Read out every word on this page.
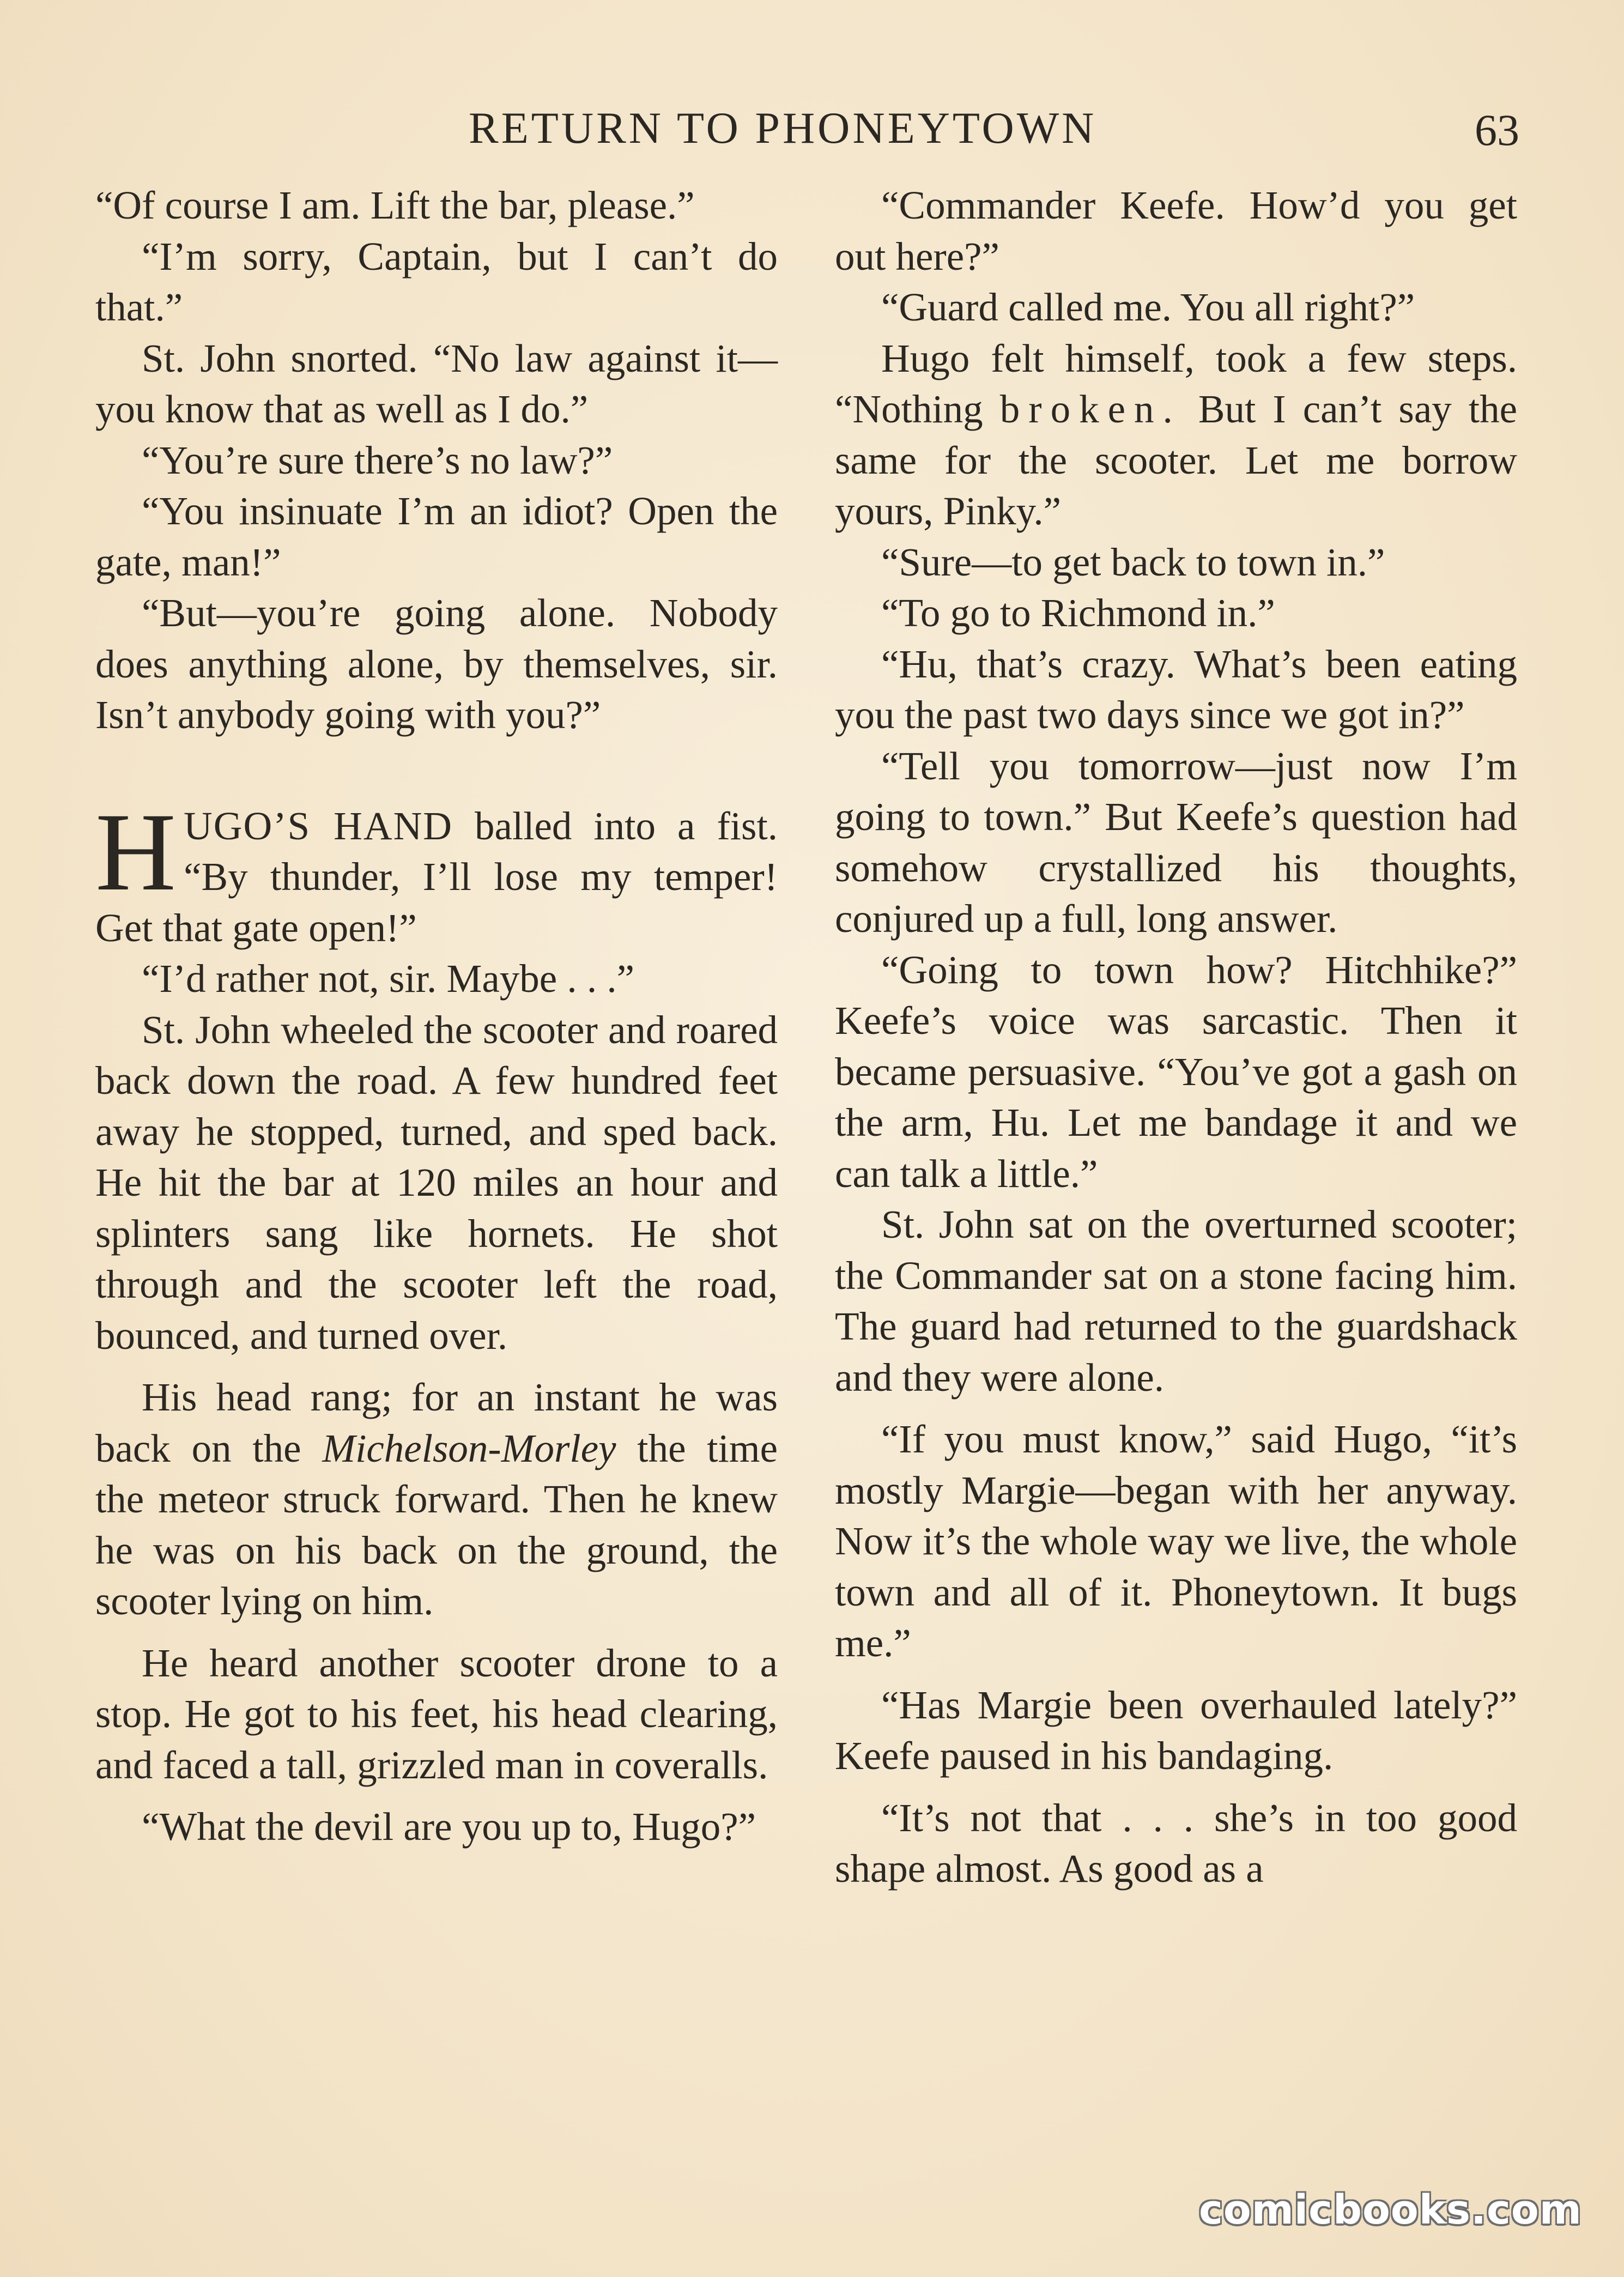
RETURN TO PHONEYTOWN	63

“Of course I am. Lift the bar, please.”

“I’m sorry, Captain, but I can’t do that.”

St. John snorted. “No law against it— you know that as well as I do.”

“You’re sure there’s no law?”

“You insinuate I’m an idiot? Open the gate, man!”

“But—you’re going alone. Nobody does anything alone, by themselves, sir. Isn’t anybody going with you?”

HUGO’S HAND balled into a fist. “By thunder, I’ll lose my temper! Get that gate open!”

“I’d rather not, sir. Maybe . . .”

St. John wheeled the scooter and roared back down the road. A few hundred feet away he stopped, turned, and sped back. He hit the bar at 120 miles an hour and splinters sang like hornets. He shot through and the scooter left the road, bounced, and turned over.

His head rang; for an instant he was back on the Michelson-Morley the time the meteor struck forward. Then he knew he was on his back on the ground, the scooter lying on him.

He heard another scooter drone to a stop. He got to his feet, his head clearing, and faced a tall, grizzled man in coveralls.

“What the devil are you up to, Hugo?”

“Commander Keefe. How’d you get out here?”

“Guard called me. You all right?”

Hugo felt himself, took a few steps. “Nothing broken. But I can’t say the same for the scooter. Let me borrow yours, Pinky.”

“Sure—to get back to town in.”

“To go to Richmond in.”

“Hu, that’s crazy. What’s been eating you the past two days since we got in?”

“Tell you tomorrow—just now I’m going to town.” But Keefe’s question had somehow crystallized his thoughts, conjured up a full, long answer.

“Going to town how? Hitchhike?” Keefe’s voice was sarcastic. Then it became persuasive. “You’ve got a gash on the arm, Hu. Let me bandage it and we can talk a little.”

St. John sat on the overturned scooter; the Commander sat on a stone facing him. The guard had returned to the guardshack and they were alone.

“If you must know,” said Hugo, “it’s mostly Margie—began with her anyway. Now it’s the whole way we live, the whole town and all of it. Phoneytown. It bugs me.”

“Has Margie been overhauled lately?” Keefe paused in his bandaging.

“It’s not that . . . she’s in too good shape almost. As good as a

comicbooks.com
